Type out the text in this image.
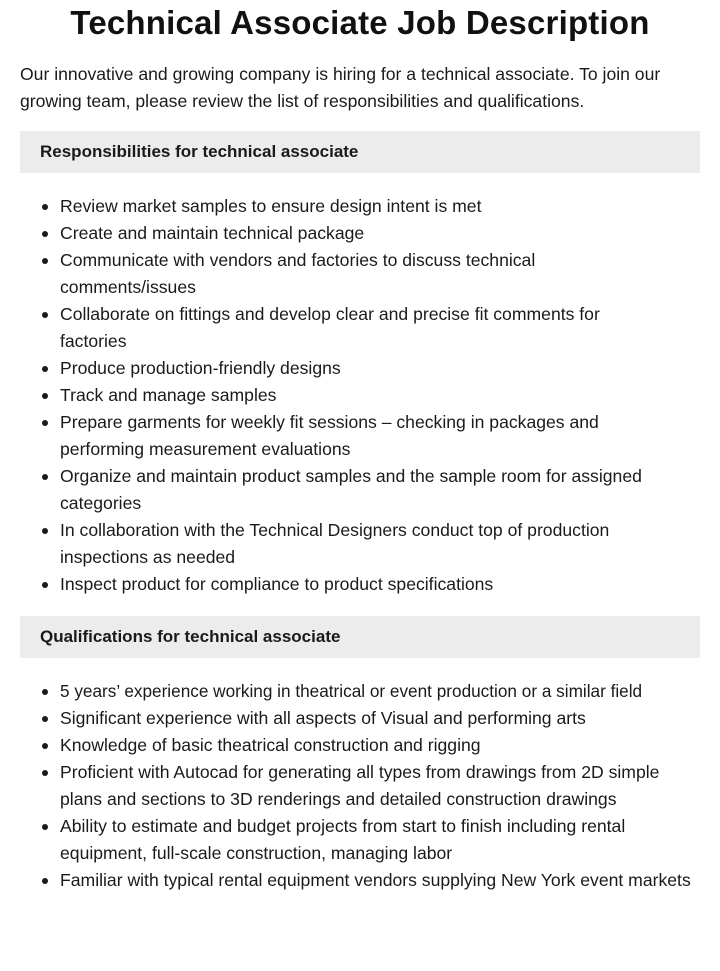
Technical Associate Job Description

Our innovative and growing company is hiring for a technical associate. To join our growing team, please review the list of responsibilities and qualifications.

Responsibilities for technical associate
Review market samples to ensure design intent is met
Create and maintain technical package
Communicate with vendors and factories to discuss technical comments/issues
Collaborate on fittings and develop clear and precise fit comments for factories
Produce production-friendly designs
Track and manage samples
Prepare garments for weekly fit sessions – checking in packages and performing measurement evaluations
Organize and maintain product samples and the sample room for assigned categories
In collaboration with the Technical Designers conduct top of production inspections as needed
Inspect product for compliance to product specifications
Qualifications for technical associate
5 years’ experience working in theatrical or event production or a similar field
Significant experience with all aspects of Visual and performing arts
Knowledge of basic theatrical construction and rigging
Proficient with Autocad for generating all types from drawings from 2D simple plans and sections to 3D renderings and detailed construction drawings
Ability to estimate and budget projects from start to finish including rental equipment, full-scale construction, managing labor
Familiar with typical rental equipment vendors supplying New York event markets
